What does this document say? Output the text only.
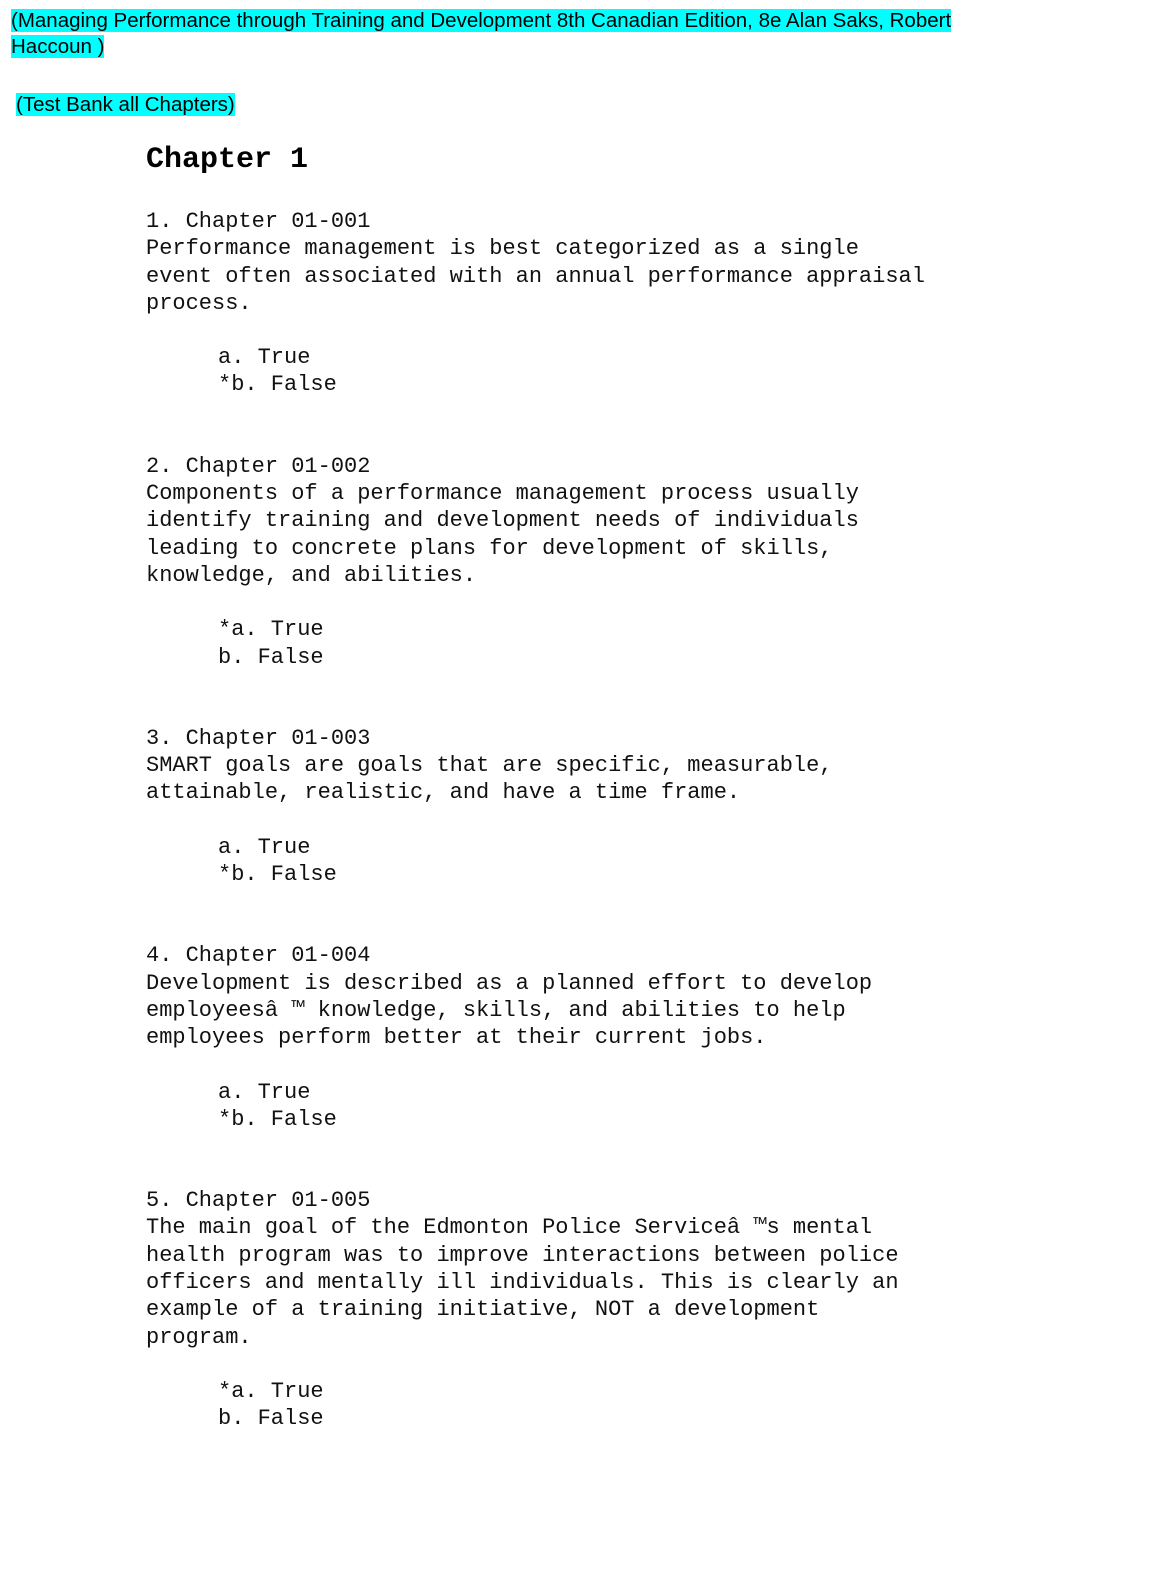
(Managing Performance through Training and Development 8th Canadian Edition, 8e Alan Saks, Robert
Haccoun )
(Test Bank all Chapters)
Chapter 1
1. Chapter 01-001
Performance management is best categorized as a single
event often associated with an annual performance appraisal
process.
a. True
*b. False
2. Chapter 01-002
Components of a performance management process usually
identify training and development needs of individuals
leading to concrete plans for development of skills,
knowledge, and abilities.
*a. True
b. False
3. Chapter 01-003
SMART goals are goals that are specific, measurable,
attainable, realistic, and have a time frame.
a. True
*b. False
4. Chapter 01-004
Development is described as a planned effort to develop
employeesâ ™ knowledge, skills, and abilities to help
employees perform better at their current jobs.
a. True
*b. False
5. Chapter 01-005
The main goal of the Edmonton Police Serviceâ ™s mental
health program was to improve interactions between police
officers and mentally ill individuals. This is clearly an
example of a training initiative, NOT a development
program.
*a. True
b. False
